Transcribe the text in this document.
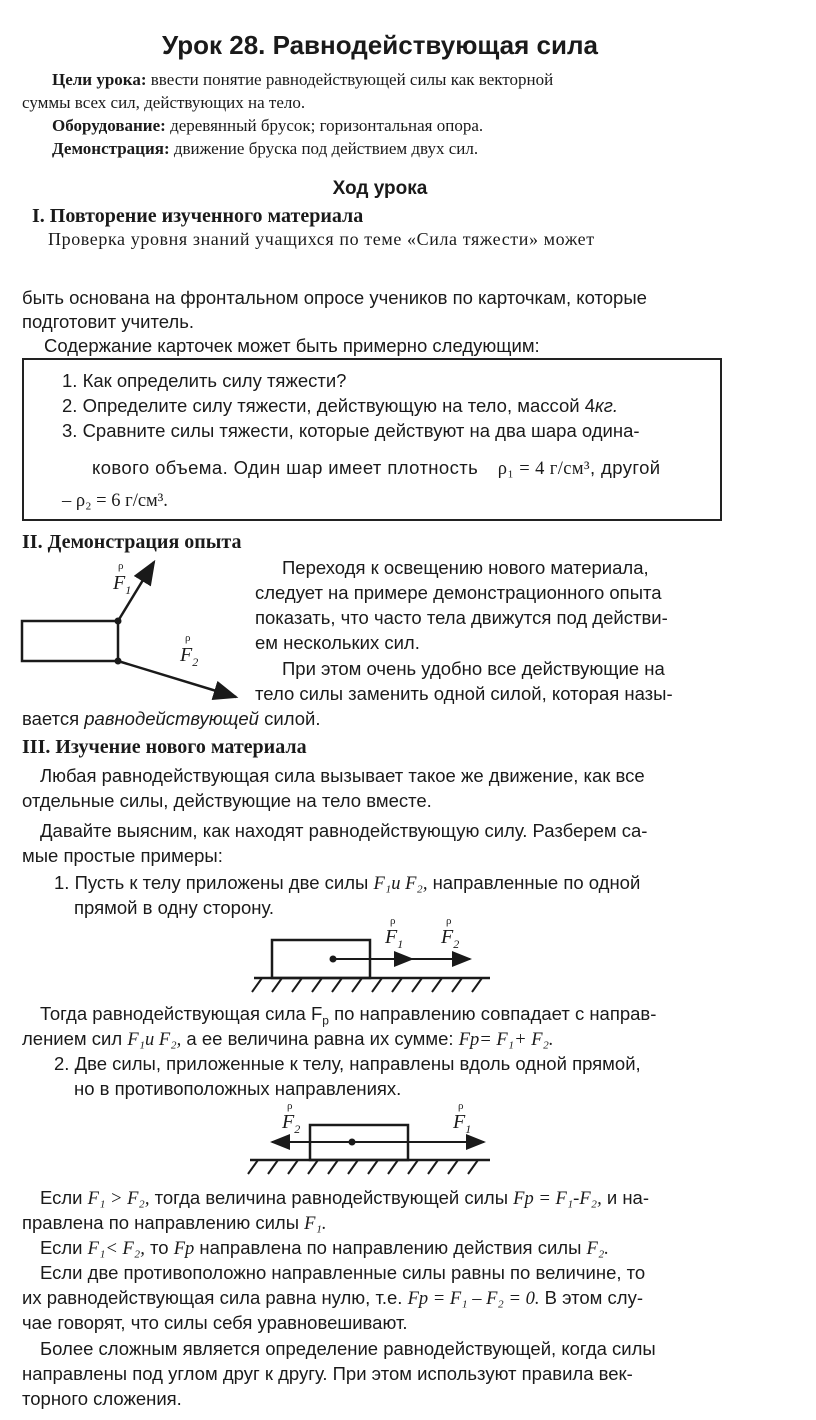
Урок 28. Равнодействующая сила
Цели урока: ввести понятие равнодействующей силы как векторной
суммы всех сил, действующих на тело.
Оборудование: деревянный брусок; горизонтальная опора.
Демонстрация: движение бруска под действием двух сил.
Ход урока
I. Повторение изученного материала
Проверка уровня знаний учащихся по теме «Сила тяжести» может
быть основана на фронтальном опросе учеников по карточкам, которые
подготовит учитель.
Содержание карточек может быть примерно следующим:
1. Как определить силу тяжести?
2. Определите силу тяжести, действующую на тело, массой 4кг.
3. Сравните силы тяжести, которые действуют на два шара одина-
кового объема. Один шар имеет плотность ρ₁ = 4 г/см³, другой
– ρ₂ = 6 г/см³.
II. Демонстрация опыта
ρ
$F_1$
ρ
$F_2$
ρ
$F_1$
ρ
$F_2$
ρ
$F_2$
ρ
$F_1$
Переходя к освещению нового материала,
следует на примере демонстрационного опыта
показать, что часто тела движутся под действи-
ем нескольких сил.
При этом очень удобно все действующие на
тело силы заменить одной силой, которая назы-
вается равнодействующей силой.
III. Изучение нового материала
Любая равнодействующая сила вызывает такое же движение, как все
отдельные силы, действующие на тело вместе.
Давайте выясним, как находят равнодействующую силу. Разберем са-
мые простые примеры:
1. Пусть к телу приложены две силы F₁и F₂, направленные по одной
прямой в одну сторону.
Тогда равнодействующая сила $F_р$ по направлению совпадает с направ-
лением сил F₁и F₂, а ее величина равна их сумме: Fр= F₁+ F₂.
2. Две силы, приложенные к телу, направлены вдоль одной прямой,
но в противоположных направлениях.
Если F₁ > F₂, тогда величина равнодействующей силы Fр = F₁-F₂, и на-
правлена по направлению силы F₁.
Если F₁< F₂, то Fр направлена по направлению действия силы F₂.
Если две противоположно направленные силы равны по величине, то
их равнодействующая сила равна нулю, т.е. Fр = F₁ – F₂ = 0. В этом слу-
чае говорят, что силы себя уравновешивают.
Более сложным является определение равнодействующей, когда силы
направлены под углом друг к другу. При этом используют правила век-
торного сложения.
